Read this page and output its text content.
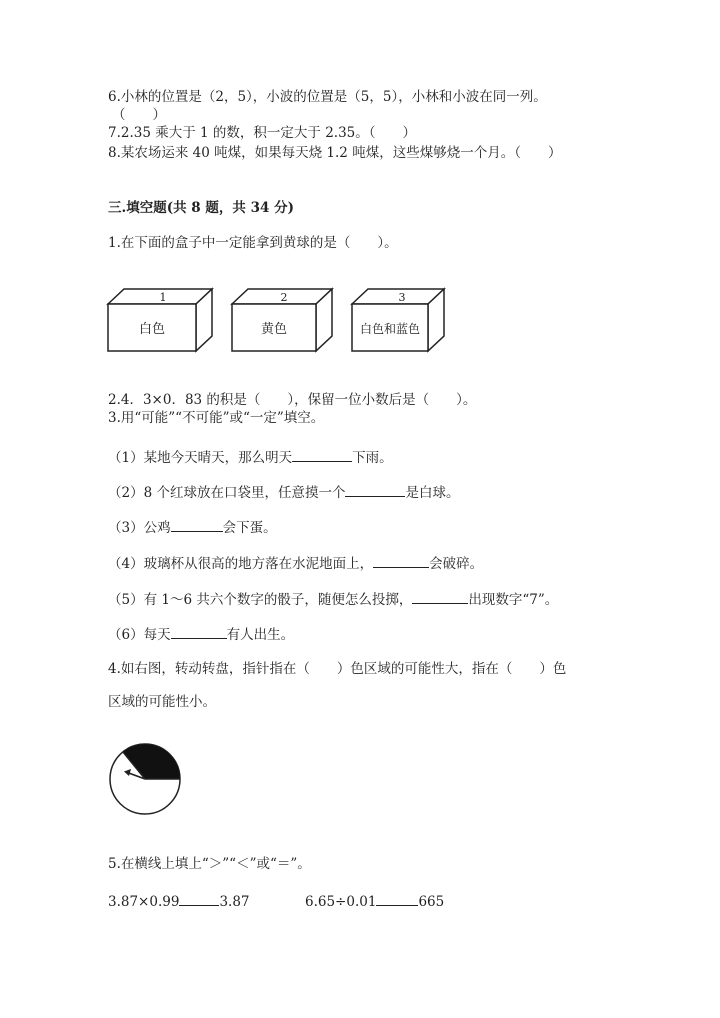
6.小林的位置是（2，5），小波的位置是（5，5），小林和小波在同一列。
（　　）
7.2.35 乘大于 1 的数，积一定大于 2.35。（　　）
8.某农场运来 40 吨煤，如果每天烧 1.2 吨煤，这些煤够烧一个月。（　　）
三.填空题(共 8 题，共 34 分)
1.在下面的盒子中一定能拿到黄球的是（　　）。
1
白色
2
黄色
3
白色和蓝色
2.4．3×0．83 的积是（　　），保留一位小数后是（　　）。
3.用“可能”“不可能”或“一定”填空。
（1）某地今天晴天，那么明天	下雨。
（2）8 个红球放在口袋里，任意摸一个	是白球。
（3）公鸡	会下蛋。
（4）玻璃杯从很高的地方落在水泥地面上，	会破碎。
（5）有 1～6 共六个数字的骰子，随便怎么投掷，	出现数字“7”。
（6）每天	有人出生。
4.如右图，转动转盘，指针指在（　　）色区域的可能性大，指在（　　）色
区域的可能性小。
5.在横线上填上“＞”“＜”或“＝”。
3.87×0.99	3.87	6.65÷0.01	665
